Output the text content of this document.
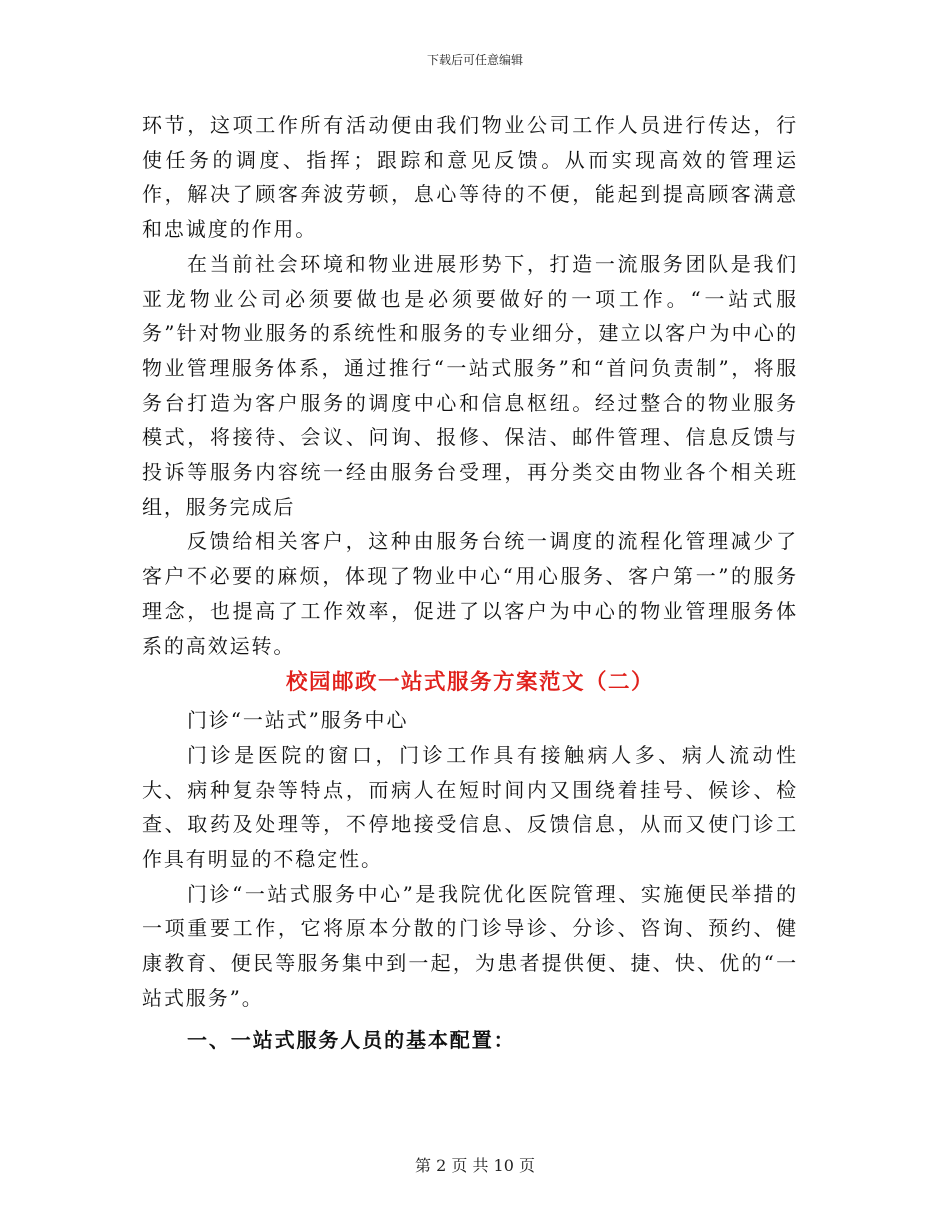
下载后可任意编辑

环节，这项工作所有活动便由我们物业公司工作人员进行传达，行使任务的调度、指挥；跟踪和意见反馈。从而实现高效的管理运作，解决了顾客奔波劳顿，息心等待的不便，能起到提高顾客满意和忠诚度的作用。

在当前社会环境和物业进展形势下，打造一流服务团队是我们亚龙物业公司必须要做也是必须要做好的一项工作。“一站式服务”针对物业服务的系统性和服务的专业细分，建立以客户为中心的物业管理服务体系，通过推行“一站式服务”和“首问负责制”，将服务台打造为客户服务的调度中心和信息枢纽。经过整合的物业服务模式，将接待、会议、问询、报修、保洁、邮件管理、信息反馈与投诉等服务内容统一经由服务台受理，再分类交由物业各个相关班组，服务完成后

反馈给相关客户，这种由服务台统一调度的流程化管理减少了客户不必要的麻烦，体现了物业中心“用心服务、客户第一”的服务理念，也提高了工作效率，促进了以客户为中心的物业管理服务体系的高效运转。

校园邮政一站式服务方案范文（二）

门诊“一站式”服务中心

门诊是医院的窗口，门诊工作具有接触病人多、病人流动性大、病种复杂等特点，而病人在短时间内又围绕着挂号、候诊、检查、取药及处理等，不停地接受信息、反馈信息，从而又使门诊工作具有明显的不稳定性。

门诊“一站式服务中心”是我院优化医院管理、实施便民举措的一项重要工作，它将原本分散的门诊导诊、分诊、咨询、预约、健康教育、便民等服务集中到一起，为患者提供便、捷、快、优的“一站式服务”。

一、一站式服务人员的基本配置：
第 2 页 共 10 页
